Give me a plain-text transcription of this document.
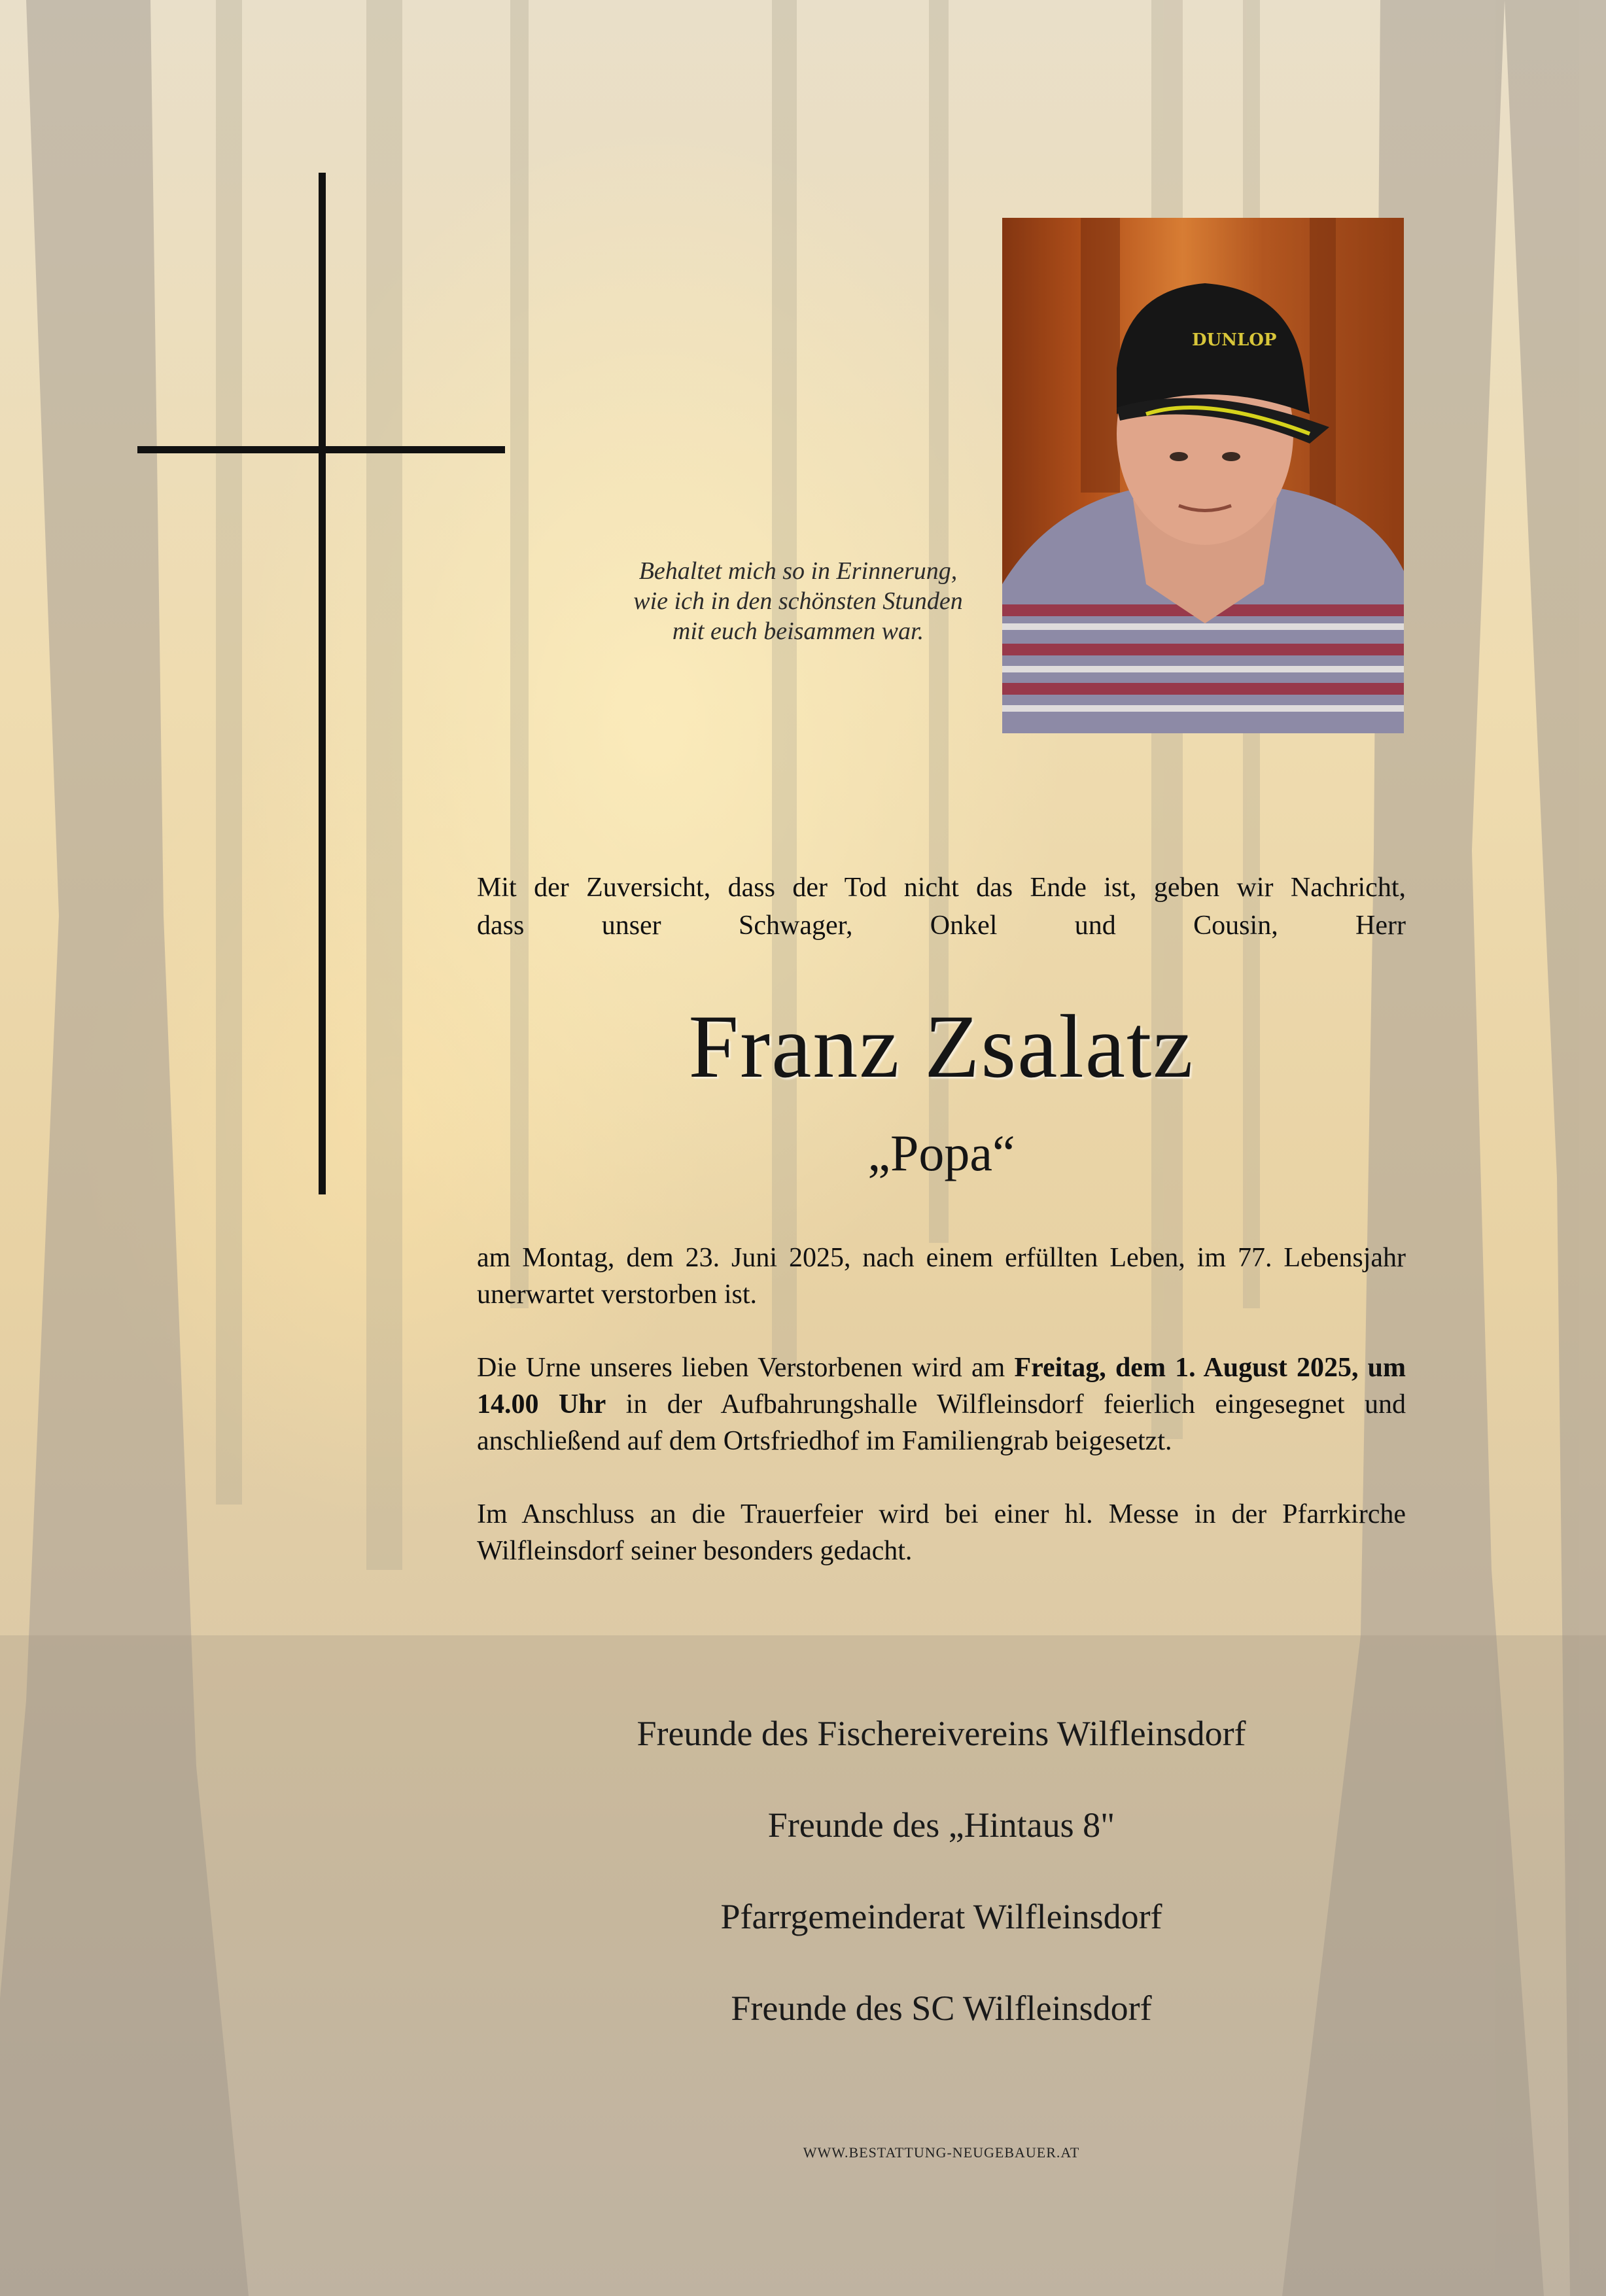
Behaltet mich so in Erinnerung,
wie ich in den schönsten Stunden
mit euch beisammen war.
DUNLOP

Mit der Zuversicht, dass der Tod nicht das Ende ist, geben wir Nachricht,

dass unser Schwager, Onkel und Cousin, Herr

Franz Zsalatz
„Popa“

am Montag, dem 23. Juni 2025, nach einem erfüllten Leben, im 77. Lebensjahr unerwartet verstorben ist.

Die Urne unseres lieben Verstorbenen wird am Freitag, dem 1. August 2025, um 14.00 Uhr in der Aufbahrungshalle Wilfleinsdorf feierlich eingesegnet und anschließend auf dem Ortsfriedhof im Familiengrab beigesetzt.

Im Anschluss an die Trauerfeier wird bei einer hl. Messe in der Pfarrkirche Wilfleinsdorf seiner besonders gedacht.

Freunde des Fischereivereins Wilfleinsdorf
Freunde des „Hintaus 8"
Pfarrgemeinderat Wilfleinsdorf
Freunde des SC Wilfleinsdorf
WWW.BESTATTUNG-NEUGEBAUER.AT
